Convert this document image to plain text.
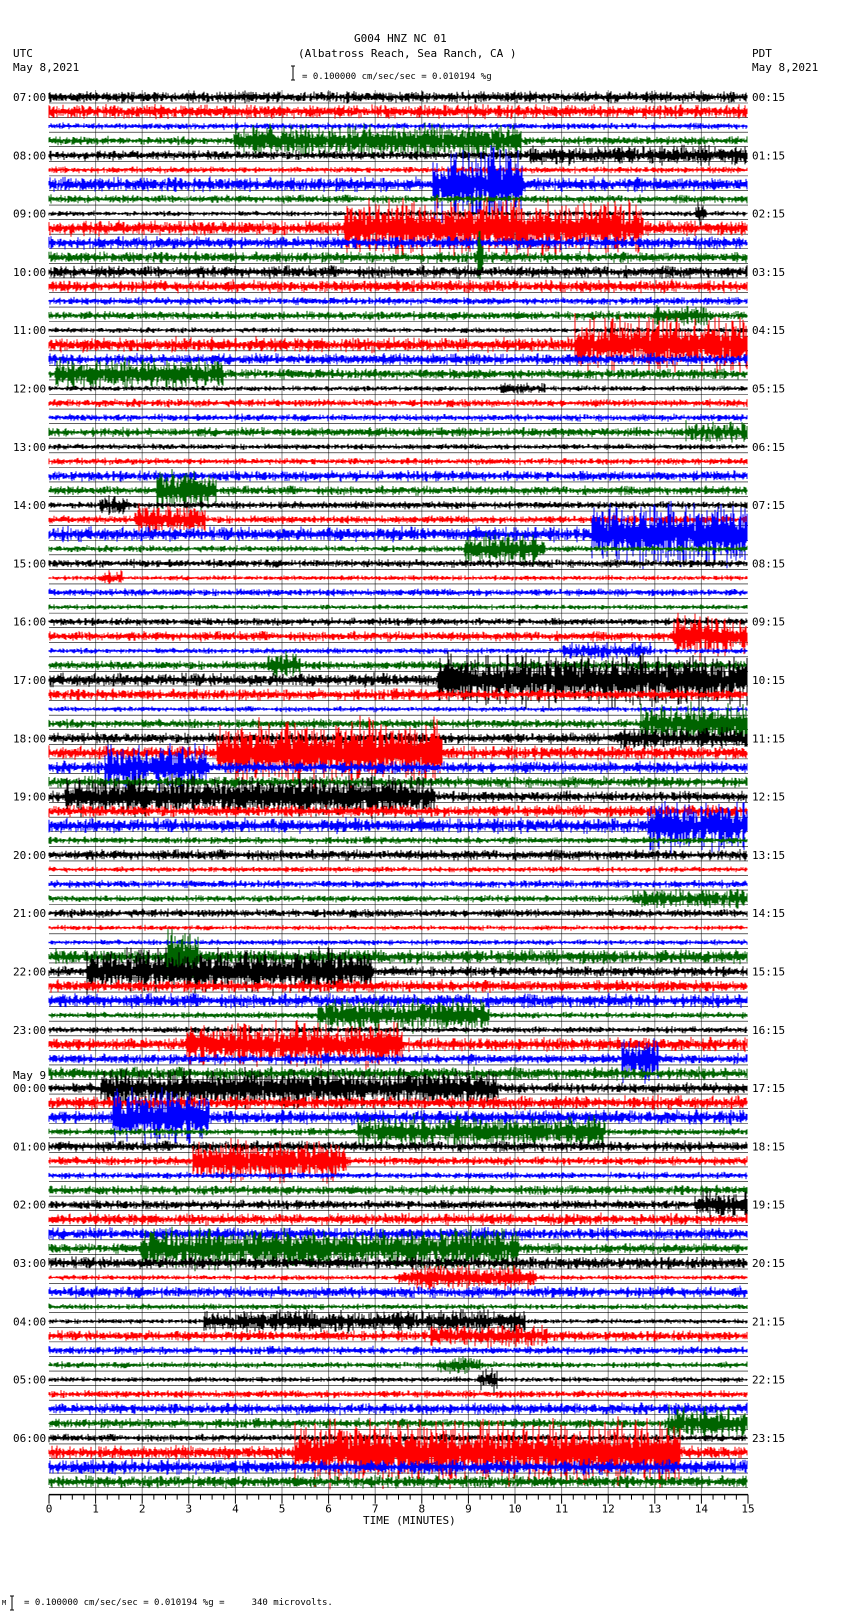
G004 HNZ NC 01
(Albatross Reach, Sea Ranch, CA )
UTC
May 8,2021
PDT
May 8,2021
= 0.100000 cm/sec/sec = 0.010194 %g
TIME (MINUTES)
M = 0.100000 cm/sec/sec = 0.010194 %g =     340 microvolts.
07:00	00:15
08:00	01:15
09:00	02:15
10:00	03:15
11:00	04:15
12:00	05:15
13:00	06:15
14:00	07:15
15:00	08:15
16:00	09:15
17:00	10:15
18:00	11:15
19:00	12:15
20:00	13:15
21:00	14:15
22:00	15:15
23:00	16:15
00:00	17:15
May 9
01:00	18:15
02:00	19:15
03:00	20:15
04:00	21:15
05:00	22:15
06:00	23:15
0	1	2	3	4	5	6	7	8	9	10	11	12	13	14	15
